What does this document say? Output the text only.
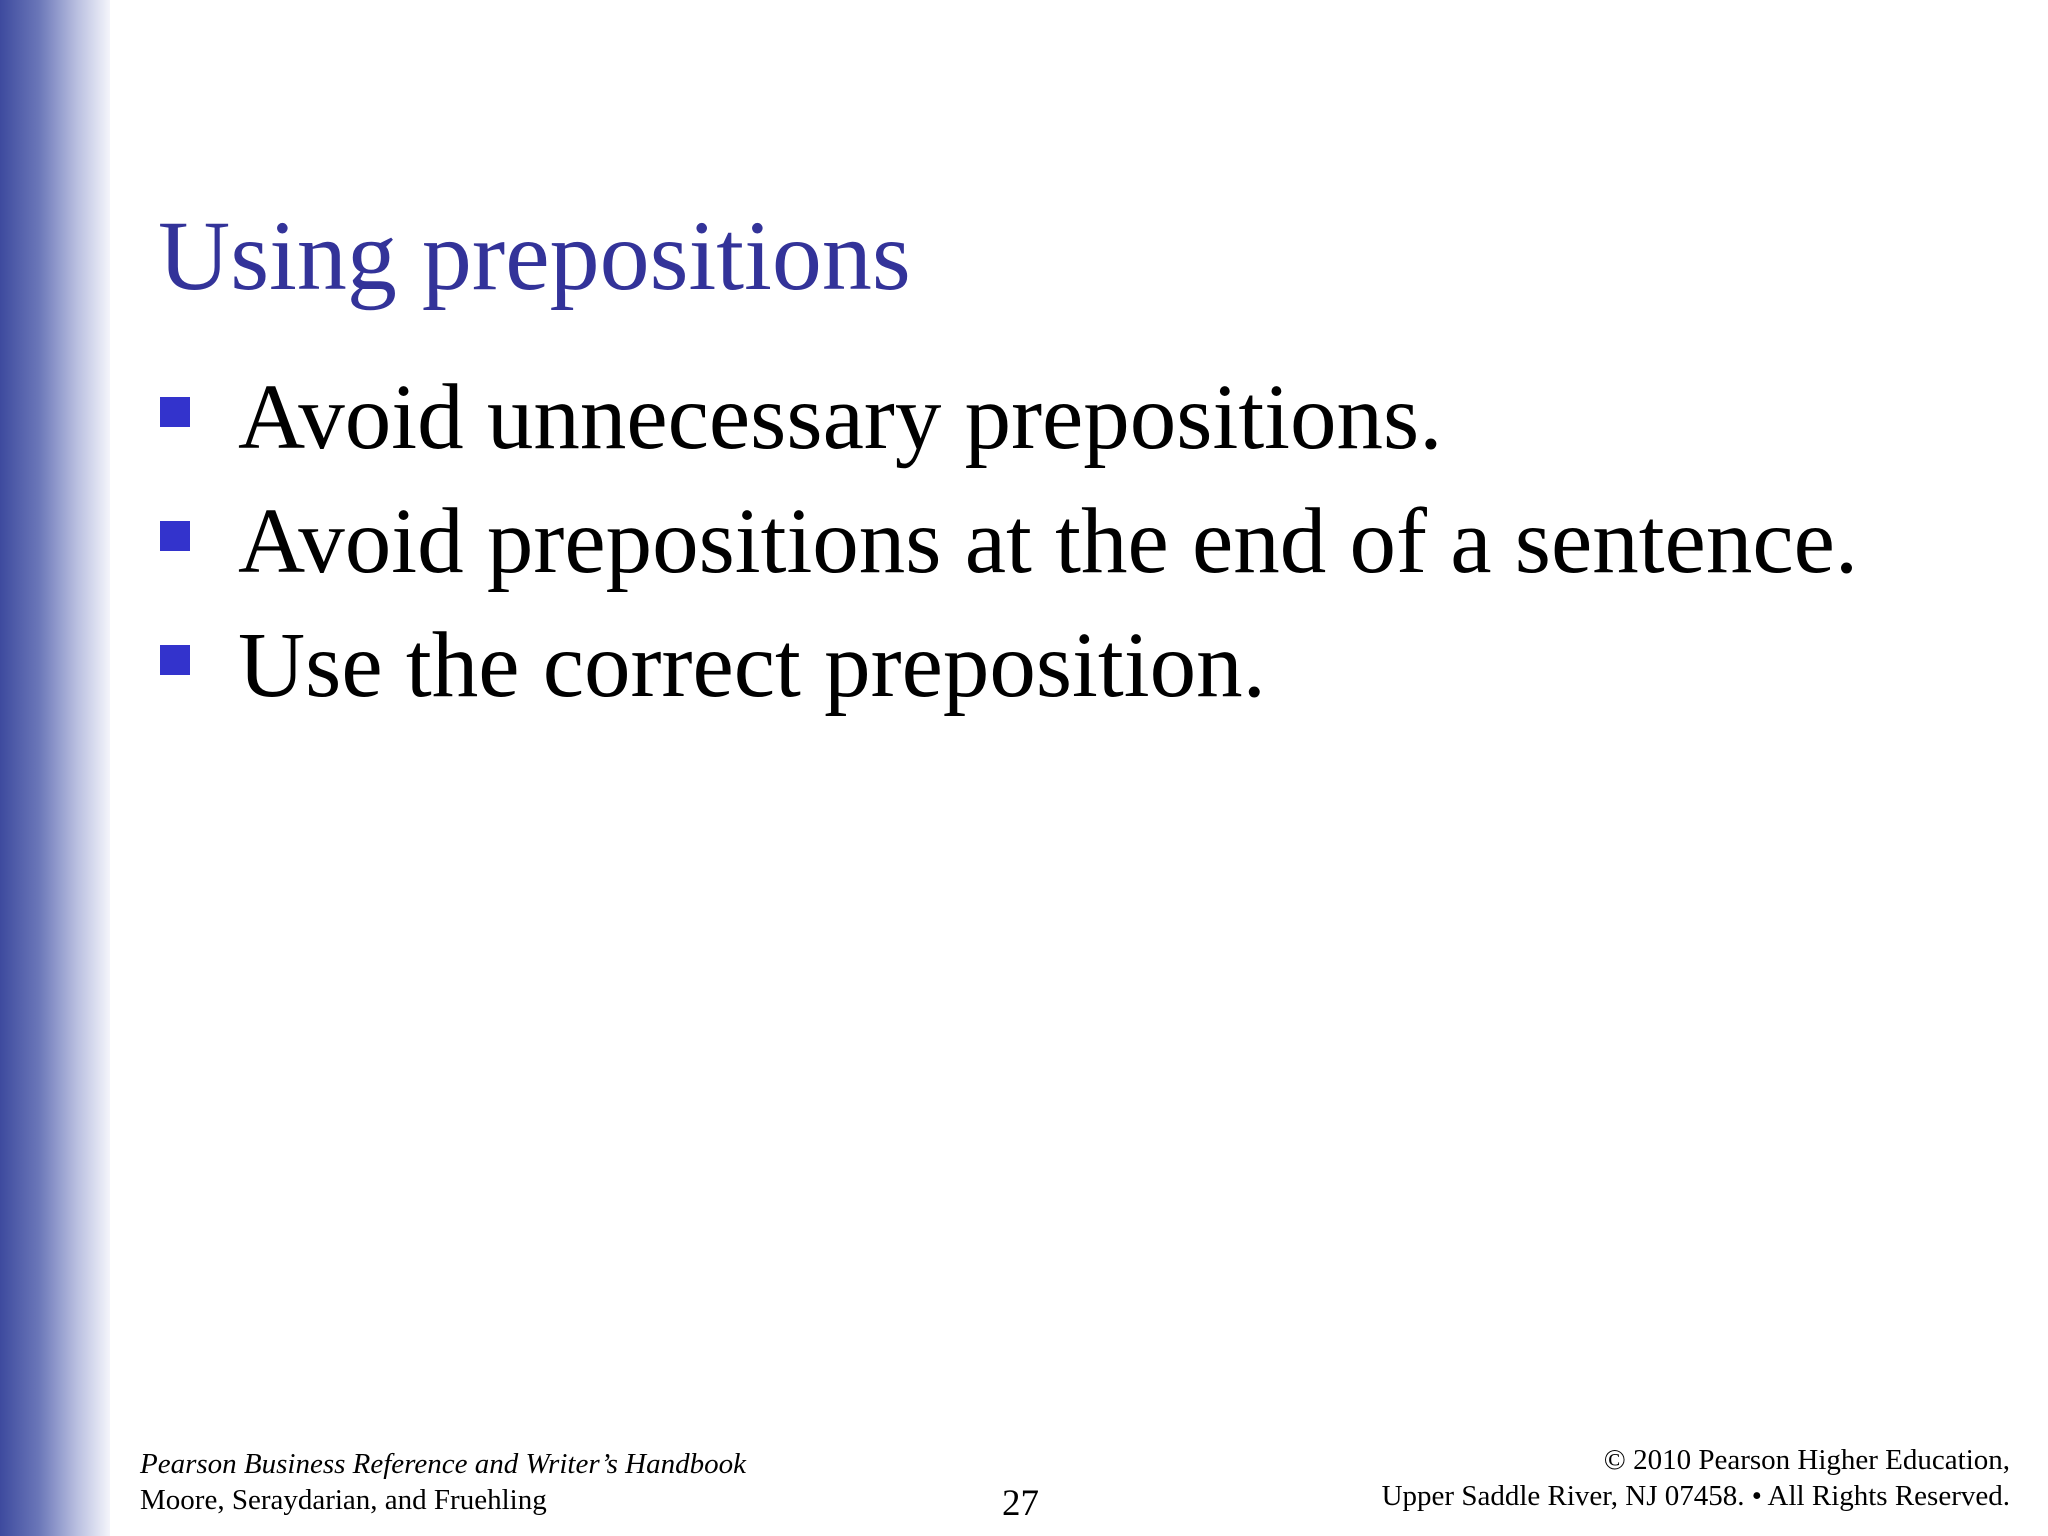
Using prepositions
Avoid unnecessary prepositions.
Avoid prepositions at the end of a sentence.
Use the correct preposition.
Pearson Business Reference and Writer’s Handbook
Moore, Seraydarian, and Fruehling	27
© 2010 Pearson Higher Education,
Upper Saddle River, NJ 07458. • All Rights Reserved.
